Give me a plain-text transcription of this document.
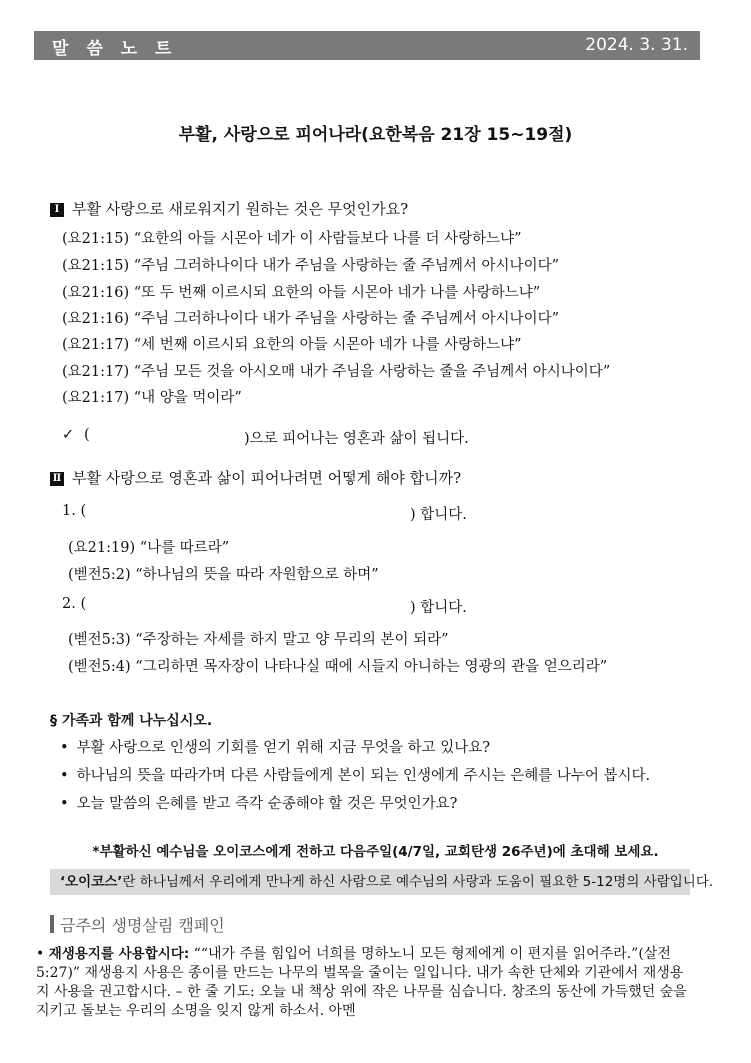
말 씀 노 트	2024. 3. 31.
부활, 사랑으로 피어나라(요한복음 21장 15~19절)
Ⅰ 부활 사랑으로 새로워지기 원하는 것은 무엇인가요?
(요21:15) “요한의 아들 시몬아 네가 이 사람들보다 나를 더 사랑하느냐”
(요21:15) “주님 그러하나이다 내가 주님을 사랑하는 줄 주님께서 아시나이다”
(요21:16) “또 두 번째 이르시되 요한의 아들 시몬아 네가 나를 사랑하느냐”
(요21:16) “주님 그러하나이다 내가 주님을 사랑하는 줄 주님께서 아시나이다”
(요21:17) “세 번째 이르시되 요한의 아들 시몬아 네가 나를 사랑하느냐”
(요21:17) “주님 모든 것을 아시오매 내가 주님을 사랑하는 줄을 주님께서 아시나이다”
(요21:17) “내 양을 먹이라”
✓ (	)으로 피어나는 영혼과 삶이 됩니다.
Ⅱ 부활 사랑으로 영혼과 삶이 피어나려면 어떻게 해야 합니까?
1. (	) 합니다.
(요21:19) “나를 따르라”
(벧전5:2) “하나님의 뜻을 따라 자원함으로 하며”
2. (	) 합니다.
(벧전5:3) “주장하는 자세를 하지 말고 양 무리의 본이 되라”
(벧전5:4) “그리하면 목자장이 나타나실 때에 시들지 아니하는 영광의 관을 얻으리라”
§ 가족과 함께 나누십시오.
• 부활 사랑으로 인생의 기회를 얻기 위해 지금 무엇을 하고 있나요?
• 하나님의 뜻을 따라가며 다른 사람들에게 본이 되는 인생에게 주시는 은혜를 나누어 봅시다.
• 오늘 말씀의 은혜를 받고 즉각 순종해야 할 것은 무엇인가요?
*부활하신 예수님을 오이코스에게 전하고 다음주일(4/7일, 교회탄생 26주년)에 초대해 보세요.
‘오이코스’란 하나님께서 우리에게 만나게 하신 사람으로 예수님의 사랑과 도움이 필요한 5-12명의 사람입니다.
금주의 생명살림 캠페인
• 재생용지를 사용합시다: ““내가 주를 힘입어 너희를 명하노니 모든 형제에게 이 편지를 읽어주라.”(살전 5:27)” 재생용지 사용은 종이를 만드는 나무의 벌목을 줄이는 일입니다. 내가 속한 단체와 기관에서 재생용지 사용을 권고합시다. – 한 줄 기도: 오늘 내 책상 위에 작은 나무를 심습니다. 창조의 동산에 가득했던 숲을 지키고 돌보는 우리의 소명을 잊지 않게 하소서. 아멘
